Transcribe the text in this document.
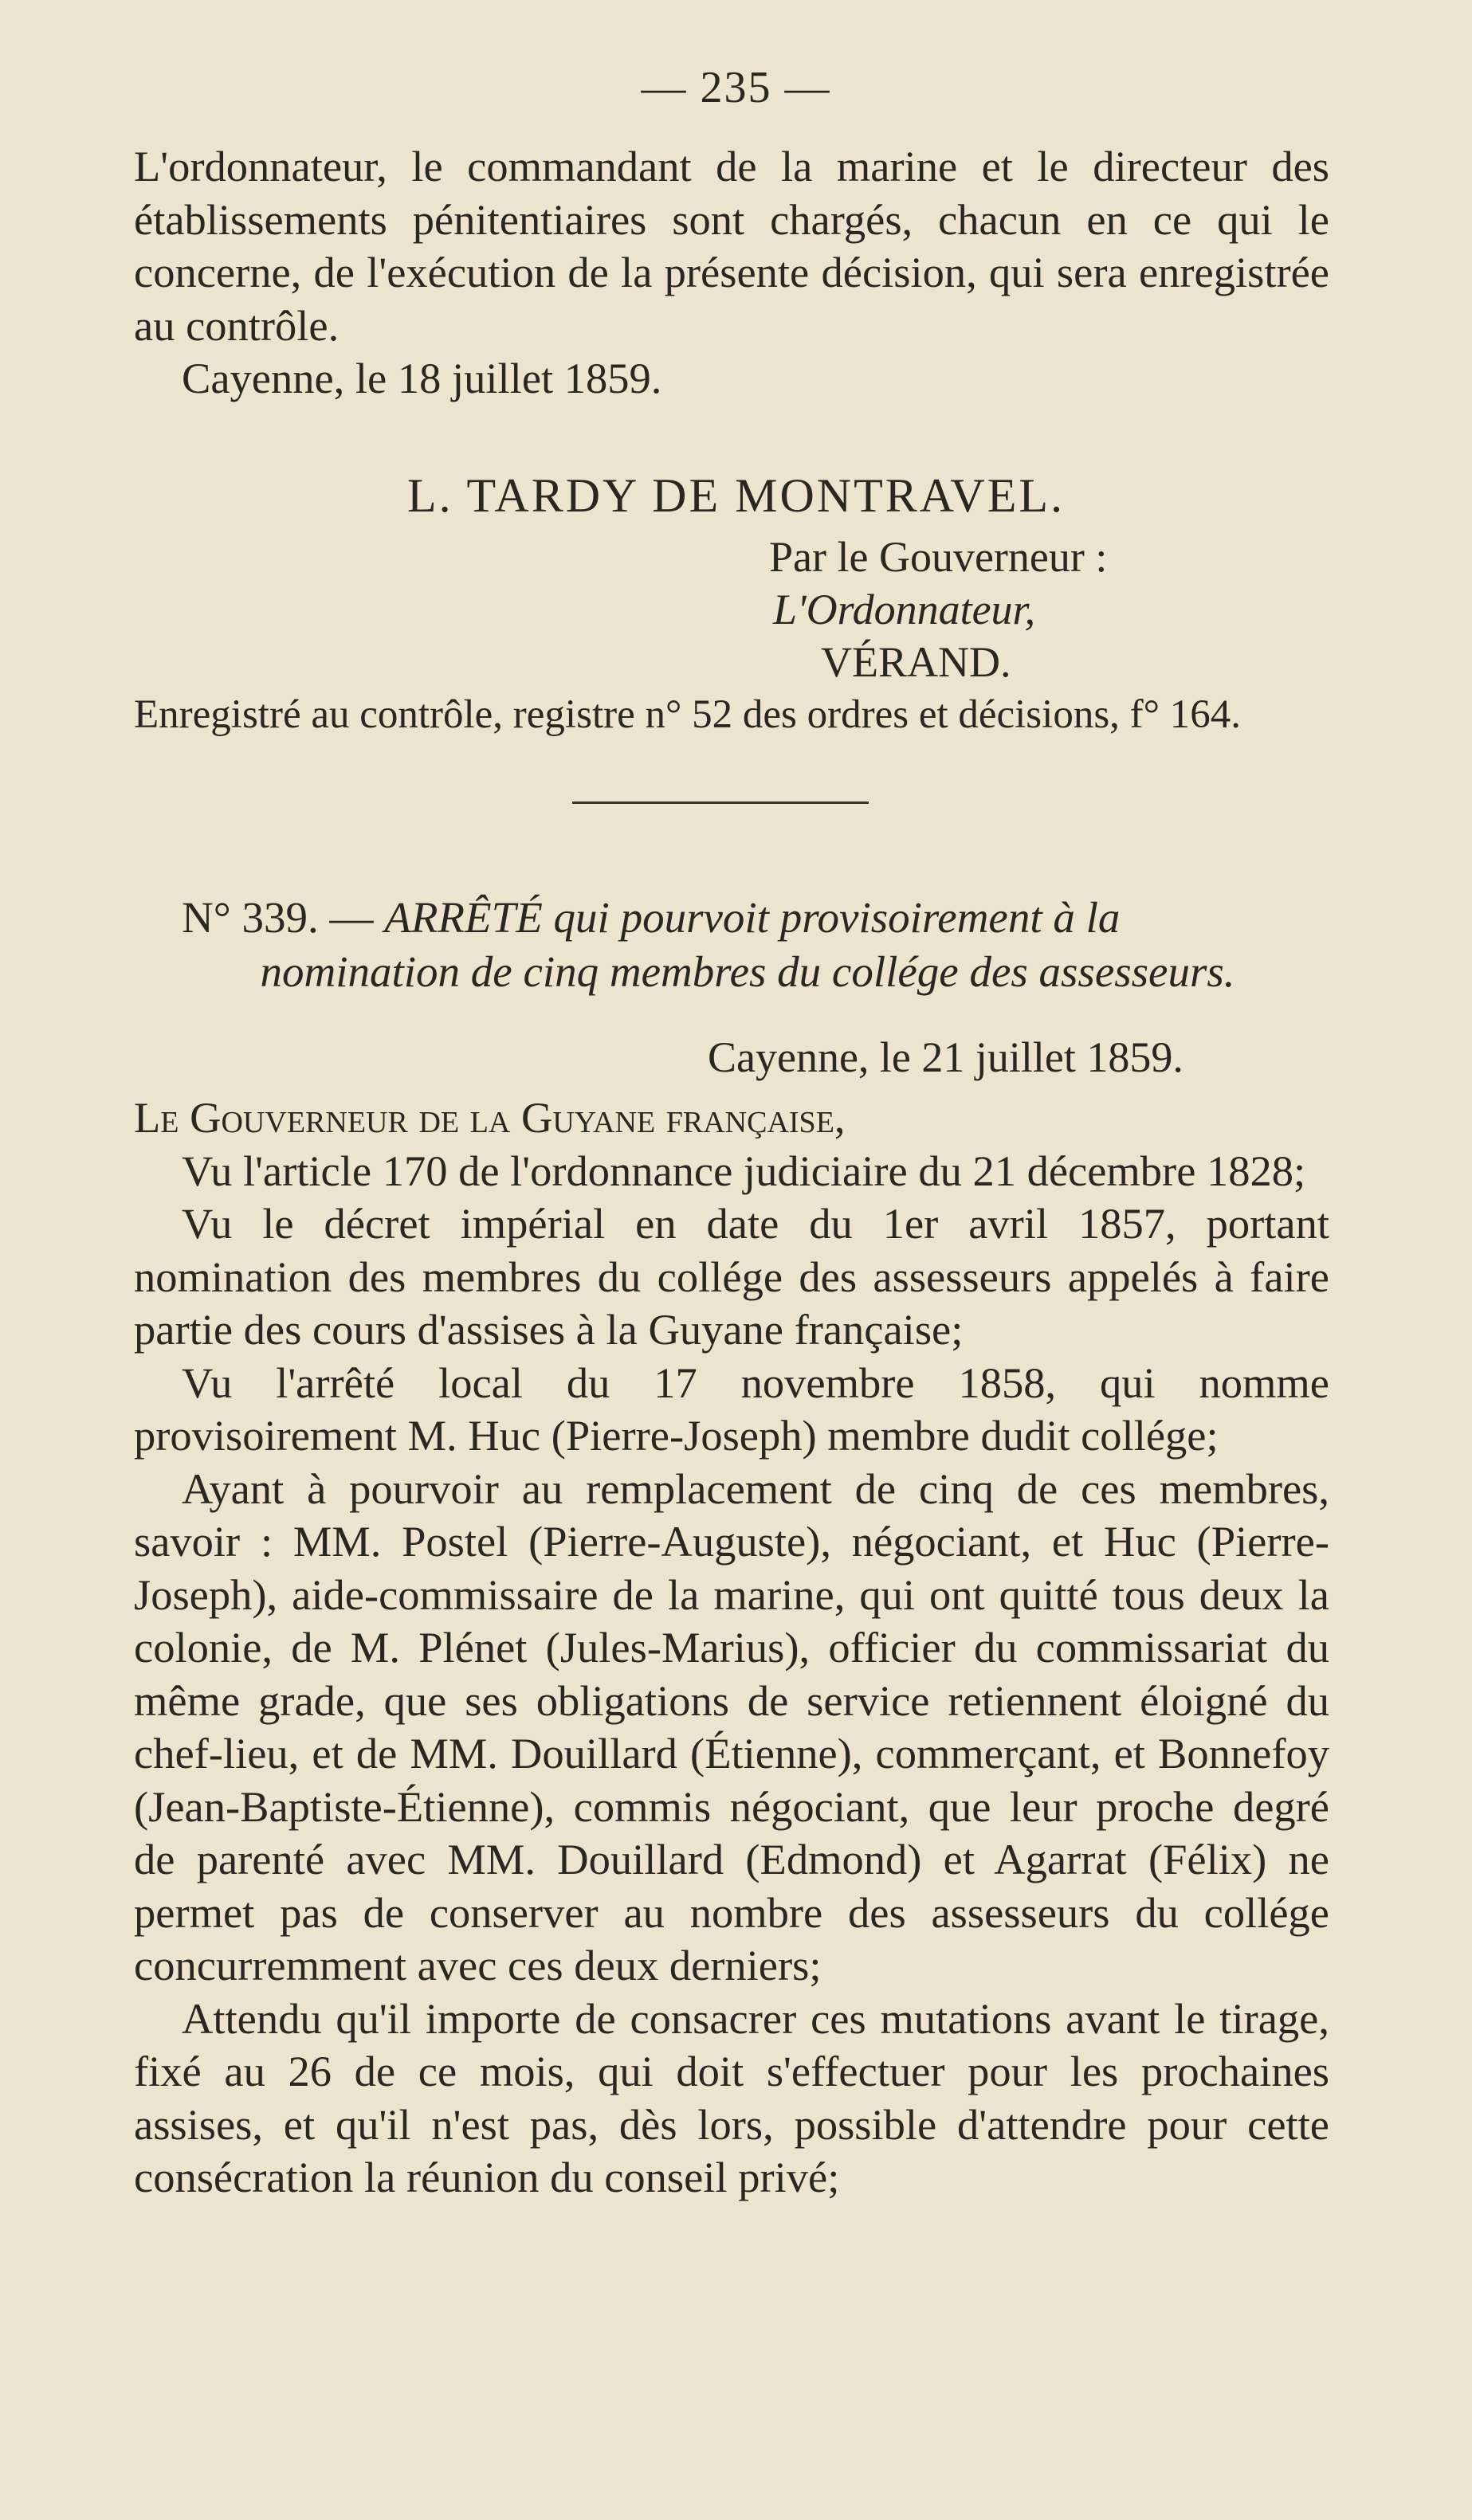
— 235 —

L'ordonnateur, le commandant de la marine et le directeur des établissements pénitentiaires sont chargés, chacun en ce qui le concerne, de l'exécution de la présente décision, qui sera enregistrée au contrôle.

Cayenne, le 18 juillet 1859.

L. TARDY DE MONTRAVEL.
Par le Gouverneur :
L'Ordonnateur,
VÉRAND.
Enregistré au contrôle, registre n° 52 des ordres et décisions, f° 164.
N° 339. — ARRÊTÉ qui pourvoit provisoirement à la
nomination de cinq membres du collége des assesseurs.
Cayenne, le 21 juillet 1859.

Le Gouverneur de la Guyane française,

Vu l'article 170 de l'ordonnance judiciaire du 21 décembre 1828;

Vu le décret impérial en date du 1er avril 1857, portant nomination des membres du collége des assesseurs appelés à faire partie des cours d'assises à la Guyane française;

Vu l'arrêté local du 17 novembre 1858, qui nomme provisoirement M. Huc (Pierre-Joseph) membre dudit collége;

Ayant à pourvoir au remplacement de cinq de ces membres, savoir : MM. Postel (Pierre-Auguste), négociant, et Huc (Pierre-Joseph), aide-commissaire de la marine, qui ont quitté tous deux la colonie, de M. Plénet (Jules-Marius), officier du commissariat du même grade, que ses obligations de service retiennent éloigné du chef-lieu, et de MM. Douillard (Étienne), commerçant, et Bonnefoy (Jean-Baptiste-Étienne), commis négociant, que leur proche degré de parenté avec MM. Douillard (Edmond) et Agarrat (Félix) ne permet pas de conserver au nombre des assesseurs du collége concurremment avec ces deux derniers;

Attendu qu'il importe de consacrer ces mutations avant le tirage, fixé au 26 de ce mois, qui doit s'effectuer pour les prochaines assises, et qu'il n'est pas, dès lors, possible d'attendre pour cette consécration la réunion du conseil privé;
